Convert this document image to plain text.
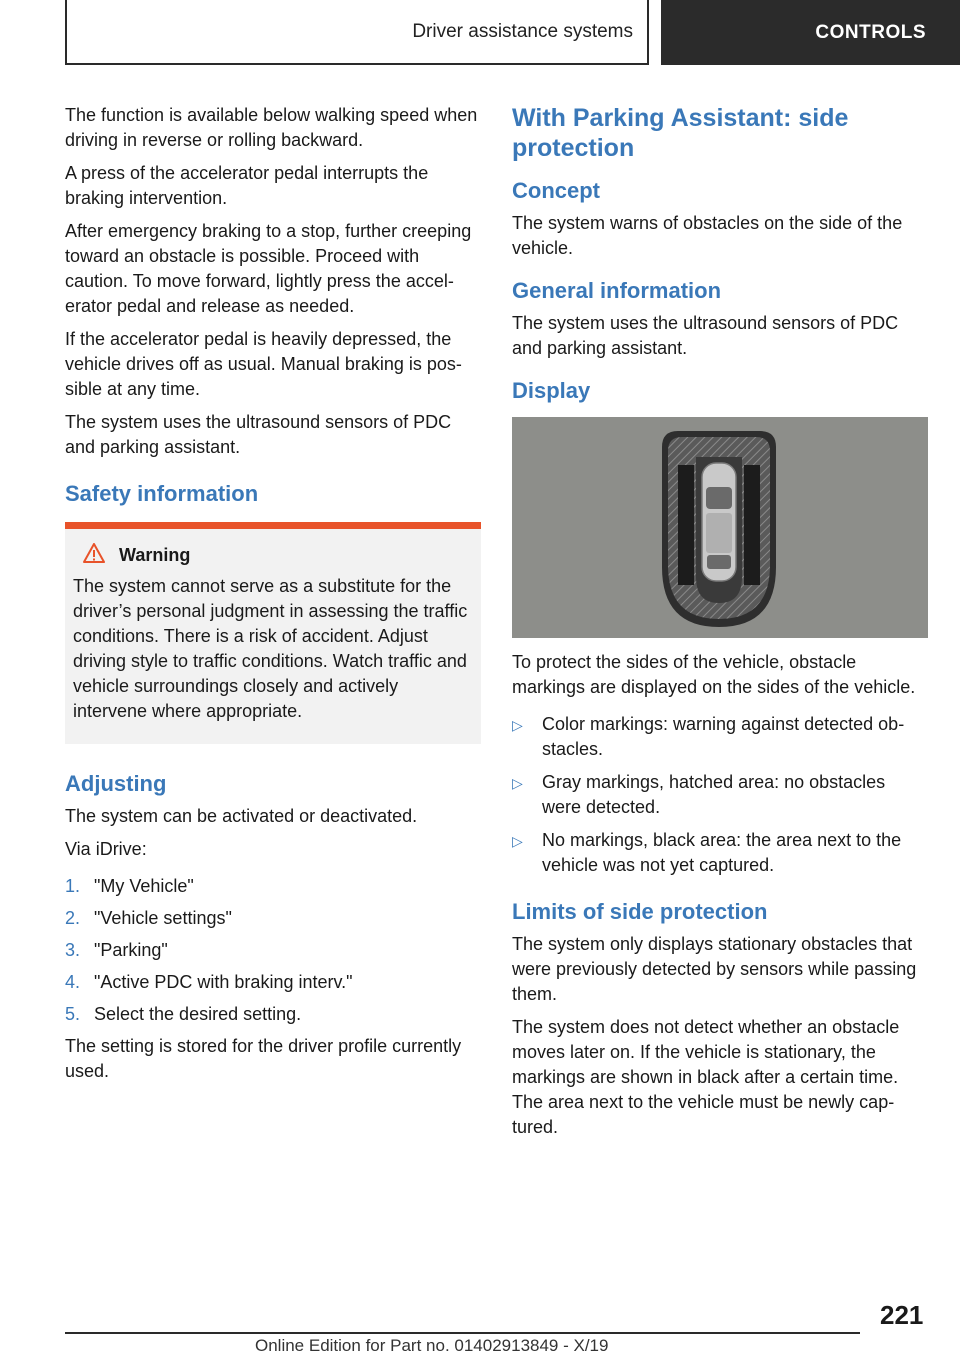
Driver assistance systems	CONTROLS

The function is available below walking speed when driving in reverse or rolling backward.

A press of the accelerator pedal interrupts the braking intervention.

After emergency braking to a stop, further creeping toward an obstacle is possible. Proceed with caution. To move forward, lightly press the accelerator pedal and release as needed.

If the accelerator pedal is heavily depressed, the vehicle drives off as usual. Manual braking is possible at any time.

The system uses the ultrasound sensors of PDC and parking assistant.

Safety information
Warning

The system cannot serve as a substitute for the driver’s personal judgment in assessing the traffic conditions. There is a risk of accident. Adjust driving style to traffic conditions. Watch traffic and vehicle surroundings closely and actively intervene where appropriate.

Adjusting

The system can be activated or deactivated.

Via iDrive:

1. "My Vehicle"
2. "Vehicle settings"
3. "Parking"
4. "Active PDC with braking interv."
5. Select the desired setting.

The setting is stored for the driver profile currently used.

With Parking Assistant: side protection
Concept

The system warns of obstacles on the side of the vehicle.

General information

The system uses the ultrasound sensors of PDC and parking assistant.

Display

To protect the sides of the vehicle, obstacle markings are displayed on the sides of the vehicle.

▷	Color markings: warning against detected obstacles.
▷	Gray markings, hatched area: no obstacles were detected.
▷	No markings, black area: the area next to the vehicle was not yet captured.
Limits of side protection

The system only displays stationary obstacles that were previously detected by sensors while passing them.

The system does not detect whether an obstacle moves later on. If the vehicle is stationary, the markings are shown in black after a certain time. The area next to the vehicle must be newly captured.

221
Online Edition for Part no. 01402913849 - X/19
